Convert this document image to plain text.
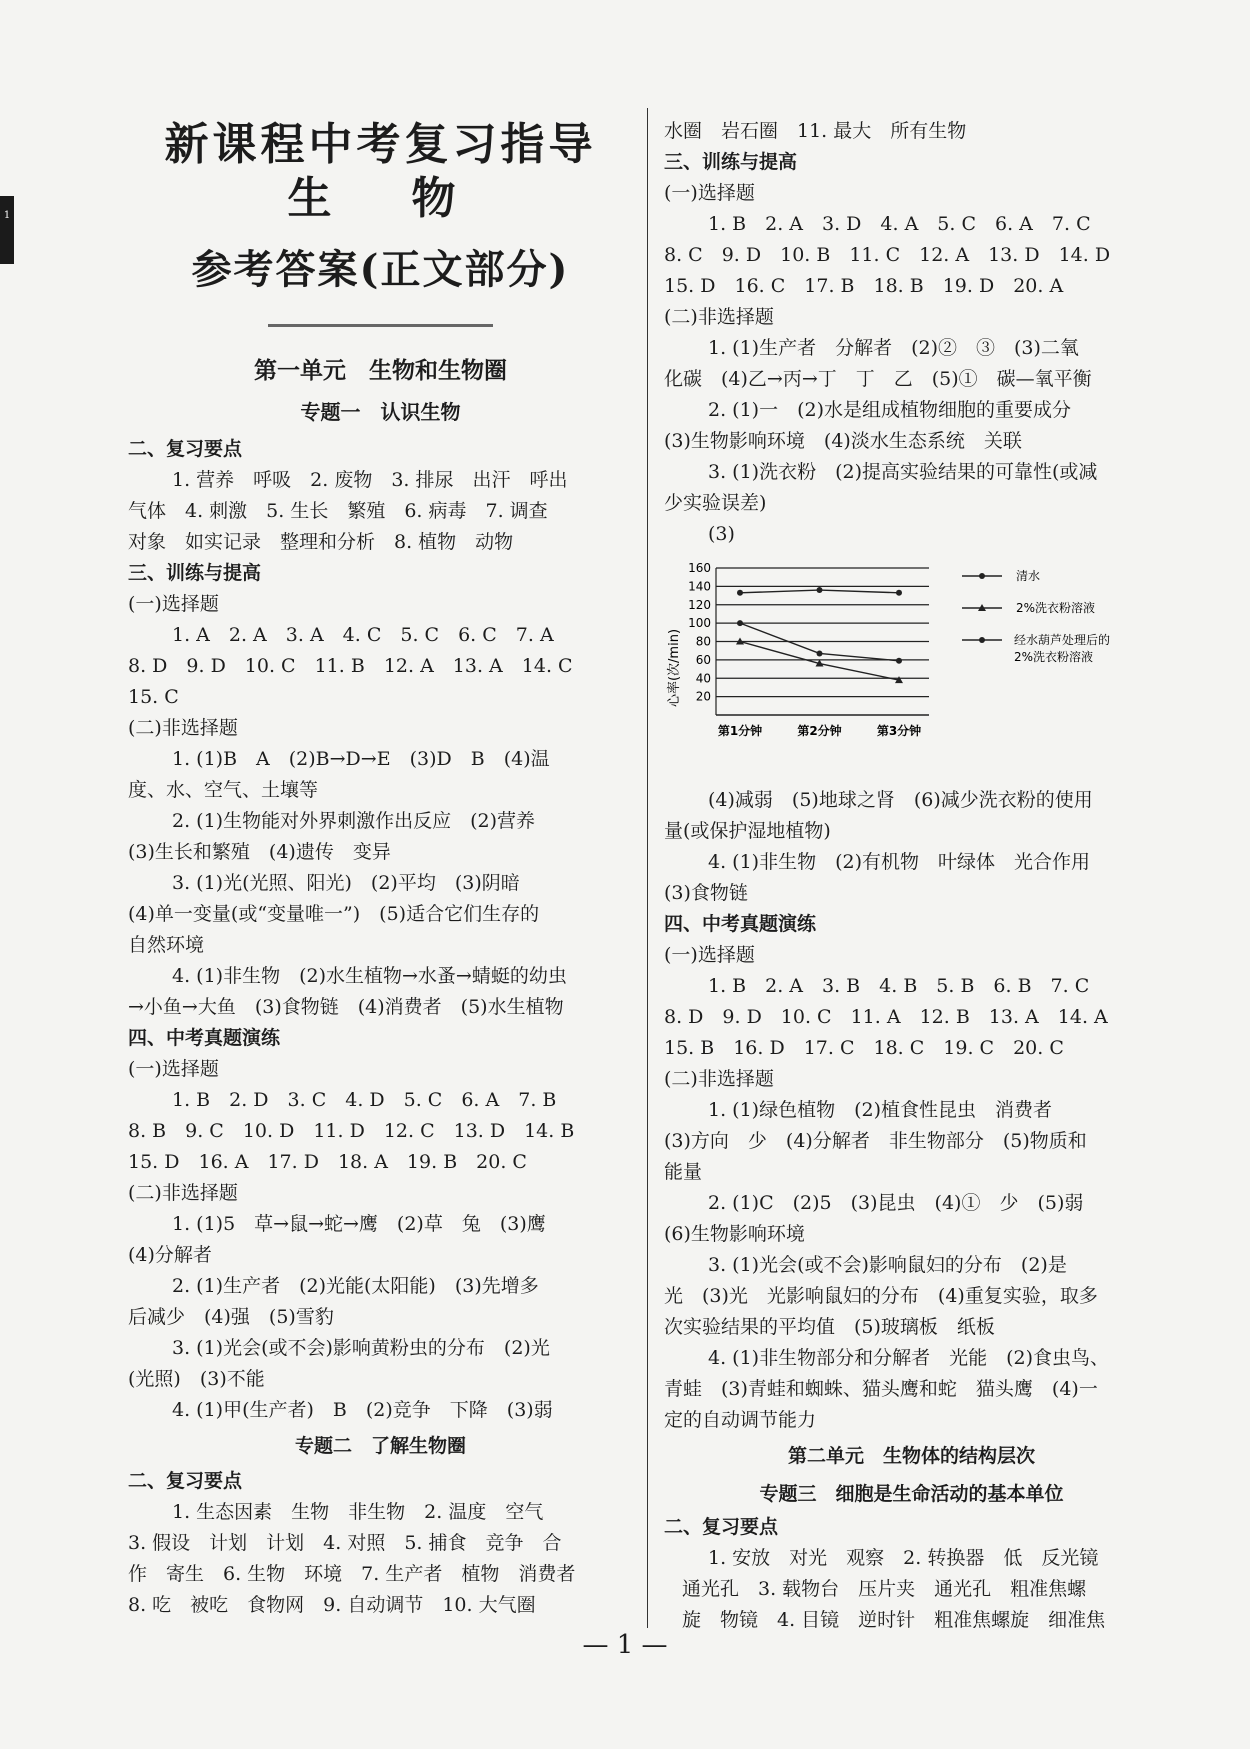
1
新课程中考复习指导
生　物
参考答案(正文部分)
第一单元　生物和生物圈
专题一　认识生物
二、复习要点
1. 营养　呼吸　2. 废物　3. 排尿　出汗　呼出
气体　4. 刺激　5. 生长　繁殖　6. 病毒　7. 调查
对象　如实记录　整理和分析　8. 植物　动物
三、训练与提高
(一)选择题
1. A　2. A　3. A　4. C　5. C　6. C　7. A
8. D　9. D　10. C　11. B　12. A　13. A　14. C
15. C
(二)非选择题
1. (1)B　A　(2)B→D→E　(3)D　B　(4)温
度、水、空气、土壤等
2. (1)生物能对外界刺激作出反应　(2)营养
(3)生长和繁殖　(4)遗传　变异
3. (1)光(光照、阳光)　(2)平均　(3)阴暗
(4)单一变量(或“变量唯一”)　(5)适合它们生存的
自然环境
4. (1)非生物　(2)水生植物→水蚤→蜻蜓的幼虫
→小鱼→大鱼　(3)食物链　(4)消费者　(5)水生植物
四、中考真题演练
(一)选择题
1. B　2. D　3. C　4. D　5. C　6. A　7. B
8. B　9. C　10. D　11. D　12. C　13. D　14. B
15. D　16. A　17. D　18. A　19. B　20. C
(二)非选择题
1. (1)5　草→鼠→蛇→鹰　(2)草　兔　(3)鹰
(4)分解者
2. (1)生产者　(2)光能(太阳能)　(3)先增多
后减少　(4)强　(5)雪豹
3. (1)光会(或不会)影响黄粉虫的分布　(2)光
(光照)　(3)不能
4. (1)甲(生产者)　B　(2)竞争　下降　(3)弱
专题二　了解生物圈
二、复习要点
1. 生态因素　生物　非生物　2. 温度　空气
3. 假设　计划　计划　4. 对照　5. 捕食　竞争　合
作　寄生　6. 生物　环境　7. 生产者　植物　消费者
8. 吃　被吃　食物网　9. 自动调节　10. 大气圈
水圈　岩石圈　11. 最大　所有生物
三、训练与提高
(一)选择题
1. B　2. A　3. D　4. A　5. C　6. A　7. C
8. C　9. D　10. B　11. C　12. A　13. D　14. D
15. D　16. C　17. B　18. B　19. D　20. A
(二)非选择题
1. (1)生产者　分解者　(2)②　③　(3)二氧
化碳　(4)乙→丙→丁　丁　乙　(5)①　碳—氧平衡
2. (1)一　(2)水是组成植物细胞的重要成分
(3)生物影响环境　(4)淡水生态系统　关联
3. (1)洗衣粉　(2)提高实验结果的可靠性(或减
少实验误差)
(3)
20
40
60
80
100
120
140
160
第1分钟	第2分钟	第3分钟
清水
2%洗衣粉溶液
经水葫芦处理后的
2%洗衣粉溶液
心率(次/min)
(4)减弱　(5)地球之肾　(6)减少洗衣粉的使用
量(或保护湿地植物)
4. (1)非生物　(2)有机物　叶绿体　光合作用
(3)食物链
四、中考真题演练
(一)选择题
1. B　2. A　3. B　4. B　5. B　6. B　7. C
8. D　9. D　10. C　11. A　12. B　13. A　14. A
15. B　16. D　17. C　18. C　19. C　20. C
(二)非选择题
1. (1)绿色植物　(2)植食性昆虫　消费者
(3)方向　少　(4)分解者　非生物部分　(5)物质和
能量
2. (1)C　(2)5　(3)昆虫　(4)①　少　(5)弱
(6)生物影响环境
3. (1)光会(或不会)影响鼠妇的分布　(2)是
光　(3)光　光影响鼠妇的分布　(4)重复实验，取多
次实验结果的平均值　(5)玻璃板　纸板
4. (1)非生物部分和分解者　光能　(2)食虫鸟、
青蛙　(3)青蛙和蜘蛛、猫头鹰和蛇　猫头鹰　(4)一
定的自动调节能力
第二单元　生物体的结构层次
专题三　细胞是生命活动的基本单位
二、复习要点
1. 安放　对光　观察　2. 转换器　低　反光镜
通光孔　3. 载物台　压片夹　通光孔　粗准焦螺
旋　物镜　4. 目镜　逆时针　粗准焦螺旋　细准焦
— 1 —
